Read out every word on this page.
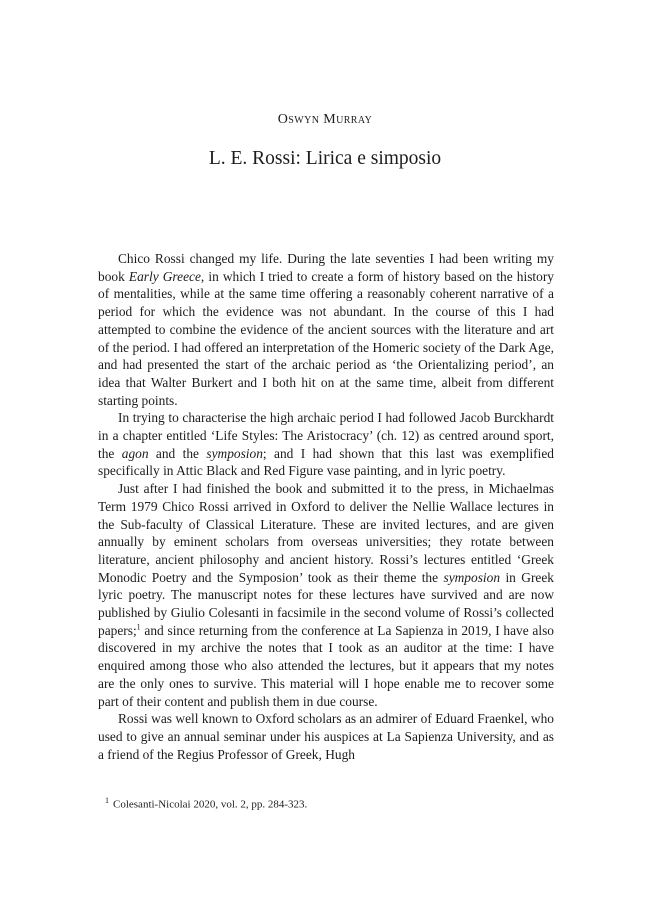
Oswyn Murray
L. E. Rossi: Lirica e simposio

Chico Rossi changed my life. During the late seventies I had been writing my book Early Greece, in which I tried to create a form of history based on the history of mentalities, while at the same time offering a reasonably coherent narrative of a period for which the evidence was not abundant. In the course of this I had attempted to combine the evidence of the ancient sources with the literature and art of the period. I had offered an interpretation of the Homeric society of the Dark Age, and had presented the start of the archaic period as ‘the Orientalizing period’, an idea that Walter Burkert and I both hit on at the same time, albeit from different starting points.

In trying to characterise the high archaic period I had followed Jacob Burckhardt in a chapter entitled ‘Life Styles: The Aristocracy’ (ch. 12) as centred around sport, the agon and the symposion; and I had shown that this last was exemplified specifically in Attic Black and Red Figure vase painting, and in lyric poetry.

Just after I had finished the book and submitted it to the press, in Michaelmas Term 1979 Chico Rossi arrived in Oxford to deliver the Nellie Wallace lectures in the Sub-faculty of Classical Literature. These are invited lectures, and are given annually by eminent scholars from overseas universities; they rotate between literature, ancient philosophy and ancient history. Rossi’s lectures entitled ‘Greek Monodic Poetry and the Symposion’ took as their theme the symposion in Greek lyric poetry. The manuscript notes for these lectures have survived and are now published by Giulio Colesanti in facsimile in the second volume of Rossi’s collected papers;$^1$ and since returning from the conference at La Sapienza in 2019, I have also discovered in my archive the notes that I took as an auditor at the time: I have enquired among those who also attended the lectures, but it appears that my notes are the only ones to survive. This material will I hope enable me to recover some part of their content and publish them in due course.

Rossi was well known to Oxford scholars as an admirer of Eduard Fraenkel, who used to give an annual seminar under his auspices at La Sapienza University, and as a friend of the Regius Professor of Greek, Hugh

$^1$ Colesanti-Nicolai 2020, vol. 2, pp. 284-323.
